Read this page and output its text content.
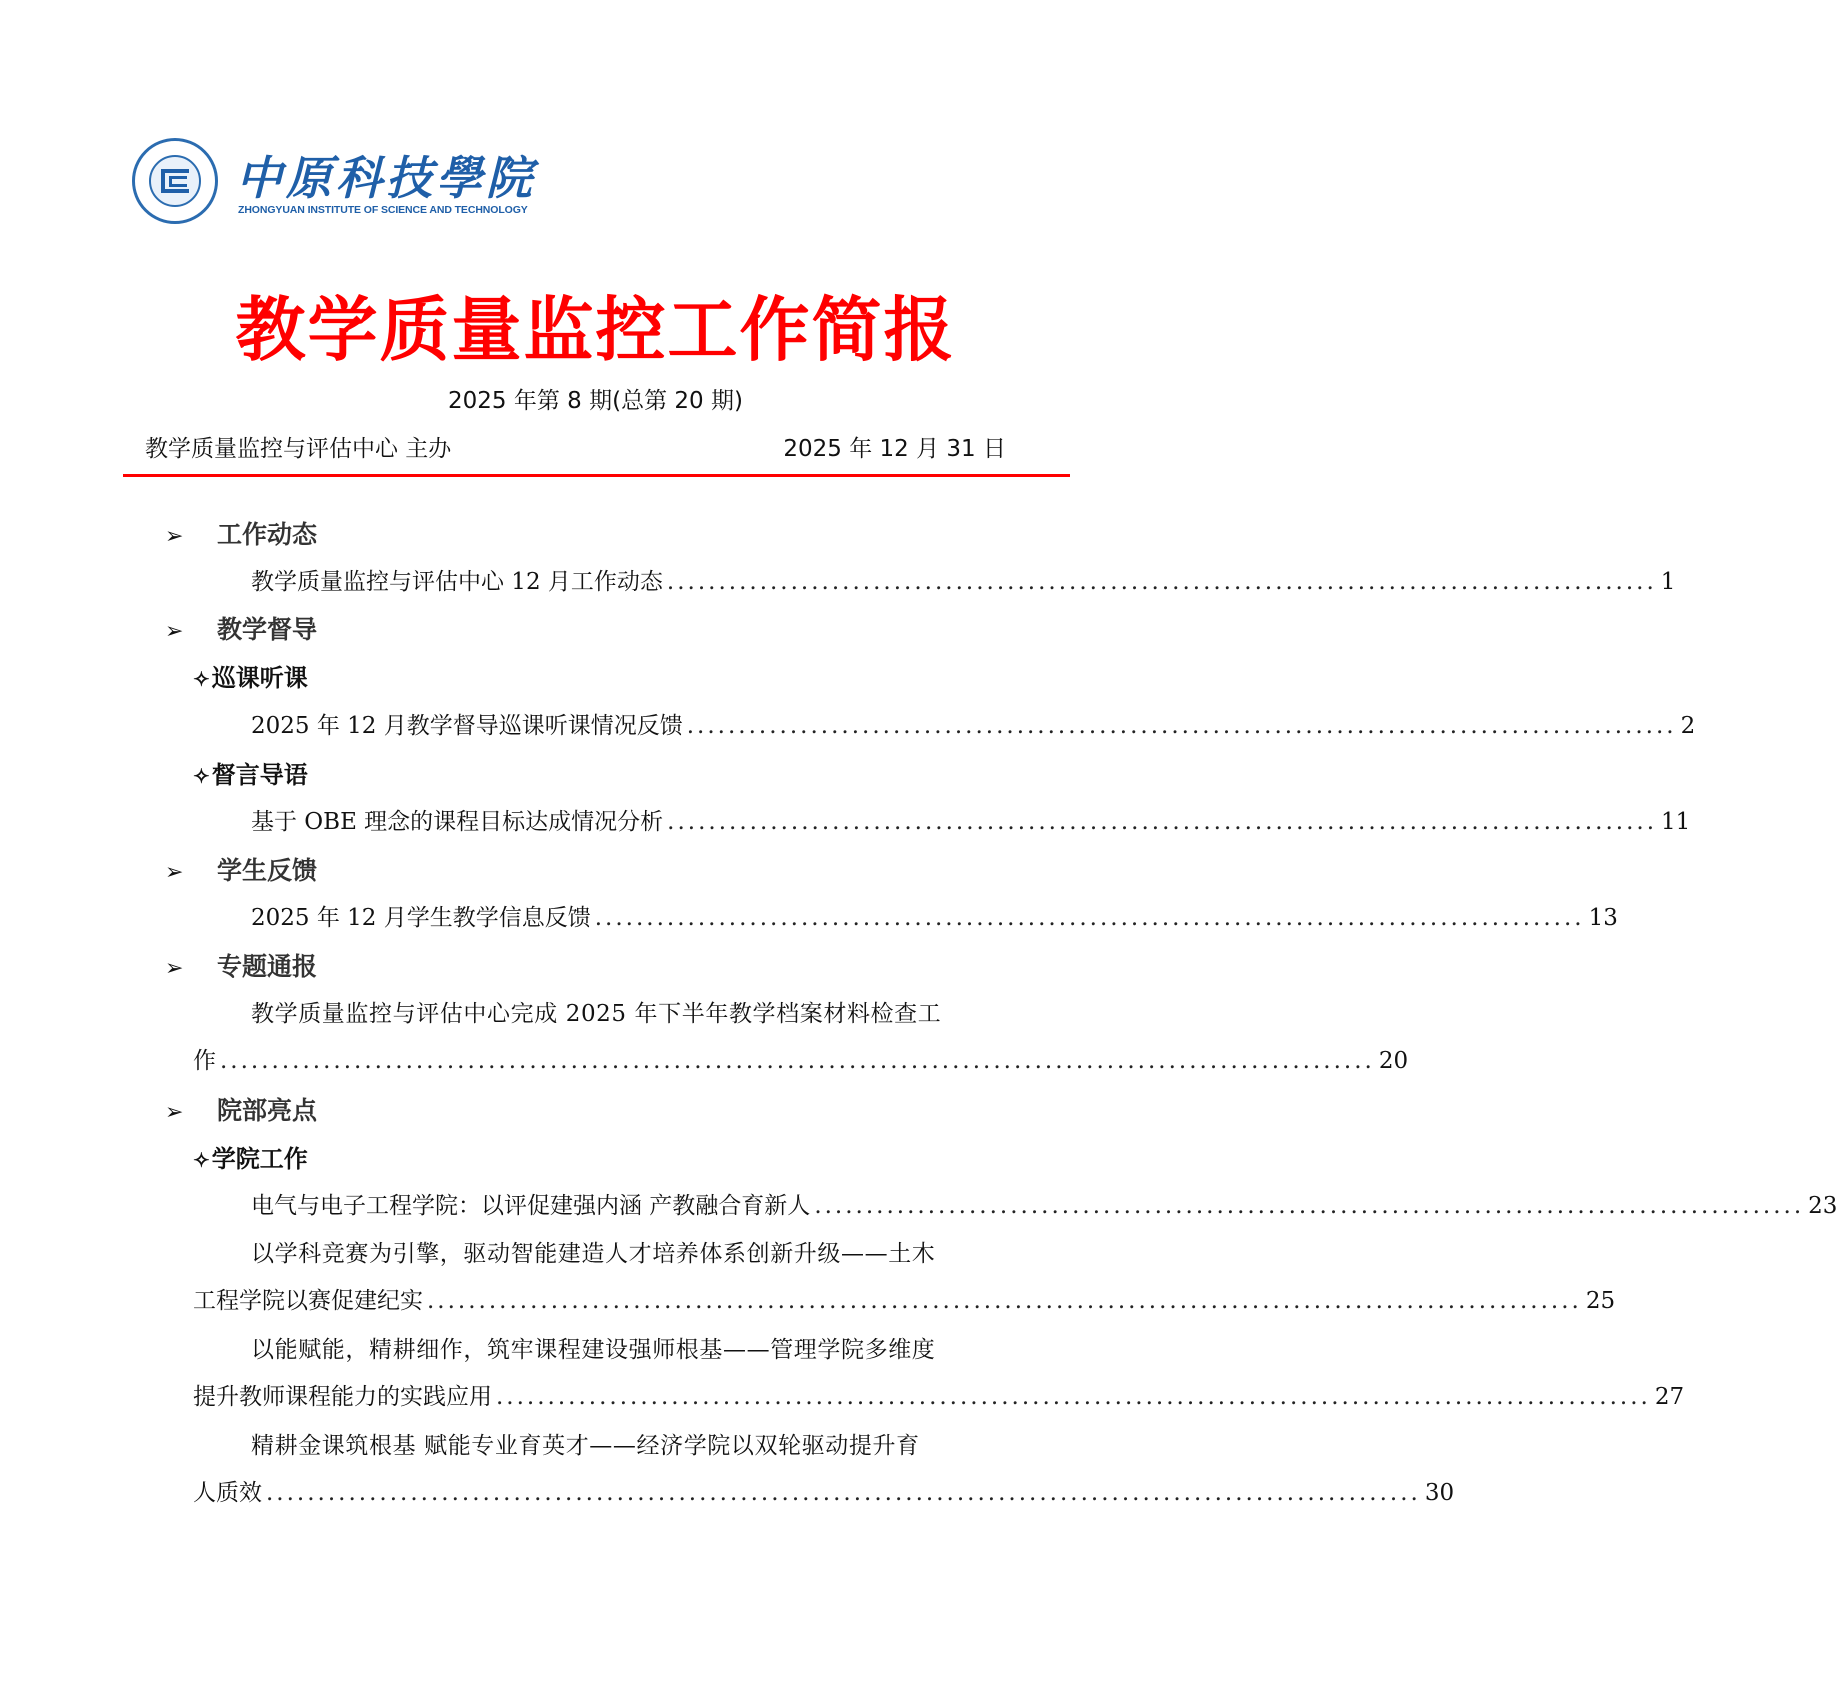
中原科技學院
ZHONGYUAN INSTITUTE OF SCIENCE AND TECHNOLOGY
教学质量监控工作简报
2025 年第 8 期(总第 20 期)
教学质量监控与评估中心 主办	2025 年 12 月 31 日
➢ 工作动态
教学质量监控与评估中心 12 月工作动态 ................................................................................................ 1
➢ 教学督导
✧巡课听课
2025 年 12 月教学督导巡课听课情况反馈 ................................................................................................ 2
✧督言导语
基于 OBE 理念的课程目标达成情况分析 ................................................................................................ 11
➢ 学生反馈
2025 年 12 月学生教学信息反馈 ................................................................................................ 13
➢ 专题通报
教学质量监控与评估中心完成 2025 年下半年教学档案材料检查工
作 ................................................................................................................ 20
➢ 院部亮点
✧学院工作
电气与电子工程学院：以评促建强内涵 产教融合育新人 ................................................................................................ 23
以学科竞赛为引擎，驱动智能建造人才培养体系创新升级——土木
工程学院以赛促建纪实 ................................................................................................................ 25
以能赋能，精耕细作，筑牢课程建设强师根基——管理学院多维度
提升教师课程能力的实践应用 ................................................................................................................ 27
精耕金课筑根基 赋能专业育英才——经济学院以双轮驱动提升育
人质效 ................................................................................................................ 30
